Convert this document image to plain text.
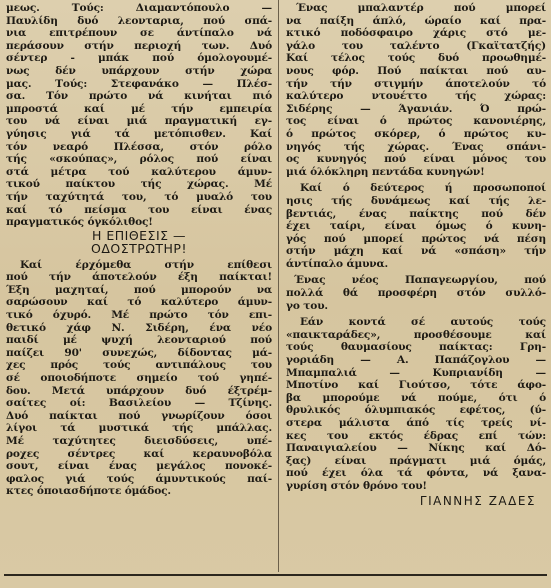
μεως. Τούς: Διαμαντόπουλο —
Παυλίδη δυό λεονταρια, πού σπά-
νια επιτρέπουν σε άντίπαλο νά
περάσουν στήν περιοχή των. Δυό
σέντερ - μπάκ πού όμολογουμέ-
νως δέν υπάρχουν στήν χώρα
μας. Τούς: Στεφανάκο — Πλέσ-
σα. Τόν πρώτο νά κινήται πιό
μπροστά καί μέ τήν εμπειρία
του νά είναι μιά πραγματική εγ-
γύησις γιά τά μετόπισθεν. Καί
τόν νεαρό Πλέσσα, στόν ρόλο
τής «σκούπας», ρόλος πού είναι
στά μέτρα τού καλύτερου άμυν-
τικού παίκτου τής χώρας. Μέ
τήν ταχύτητά του, τό μυαλό του
καί τό πείσμα του είναι ένας
πραγματικός όγκόλιθος!
Η ΕΠΙΘΕΣΙΣ —
ΟΔΟΣΤΡΩΤΗΡ!
Καί έρχόμεθα στήν επίθεσι
πού τήν άποτελούν έξη παίκται!
Έξη μαχηταί, πού μπορούν να
σαρώσουν καί τό καλύτερο άμυν-
τικό όχυρό. Μέ πρώτο τόν επι-
θετικό χάφ Ν. Σιδέρη, ένα νέο
παιδί μέ ψυχή λεονταριού πού
παίζει 90' συνεχώς, δίδοντας μά-
χες πρός τούς αντιπάλους του
σέ οποιοδήποτε σημείο τού γηπέ-
δου. Μετά υπάρχουν δυό έξτρέμ-
σαίτες οί: Βασιλείου — Τζίνης.
Δυό παίκται πού γνωρίζουν όσοι
λίγοι τά μυστικά τής μπάλλας.
Μέ ταχύτητες διεισδύσεις, υπέ-
ροχες σέντρες καί κεραυνοβόλα
σουτ, είναι ένας μεγάλος πονοκέ-
φαλος γιά τούς άμυντικούς παί-
κτες όποιασδήποτε όμάδος.
Ένας μπαλαντέρ πού μπορεί
να παίξη άπλό, ώραίο καί πρα-
κτικό ποδόσφαιρο χάρις στό με-
γάλο του ταλέντο (Γκαϊτατζής)
Καί τέλος τούς δυό προωθημέ-
νους φόρ. Πού παίκται πού αυ-
τήν τήν στιγμήν άποτελούν τό
καλύτερο ντουέττο τής χώρας:
Σιδέρης — Άγανιάν. Ό πρώ-
τος είναι ό πρώτος κανονιέρης,
ό πρώτος σκόρερ, ό πρώτος κυ-
νηγός τής χώρας. Ένας σπάνι-
ος κυνηγός πού είναι μόνος του
μιά όλόκληρη πεντάδα κυνηγών!
Καί ό δεύτερος ή προσωποποί
ησις τής δυνάμεως καί τής λε-
βεντιάς, ένας παίκτης πού δέν
έχει ταίρι, είναι όμως ό κυνη-
γός πού μπορεί πρώτος νά πέση
στήν μάχη καί νά «σπάση» τήν
άντίπαλο άμυνα.
Ένας νέος Παπαγεωργίου, πού
πολλά θά προσφέρη στόν συλλό-
γο του.
Εάν κοντά σέ αυτούς τούς
«παικταράδες», προσθέσουμε καί
τούς θαυμασίους παίκτας: Γρη-
γοριάδη — Α. Παπάζογλου —
Μπαμπαλιά — Κυπριανίδη —
Μποτίνο καί Γιούτσο, τότε άφο-
βα μπορούμε νά πούμε, ότι ό
θρυλικός όλυμπιακός εφέτος, (ύ-
στερα μάλιστα άπό τίς τρείς νί-
κες του εκτός έδρας επί τών:
Παναιγιαλείου — Νίκης καί Δό-
ξας) είναι πράγματι μιά όμάς,
πού έχει όλα τά φόντα, νά ξανα-
γυρίση στόν θρόνο του!
ΓΙΑΝΝΗΣ ΖΑΔΕΣ
